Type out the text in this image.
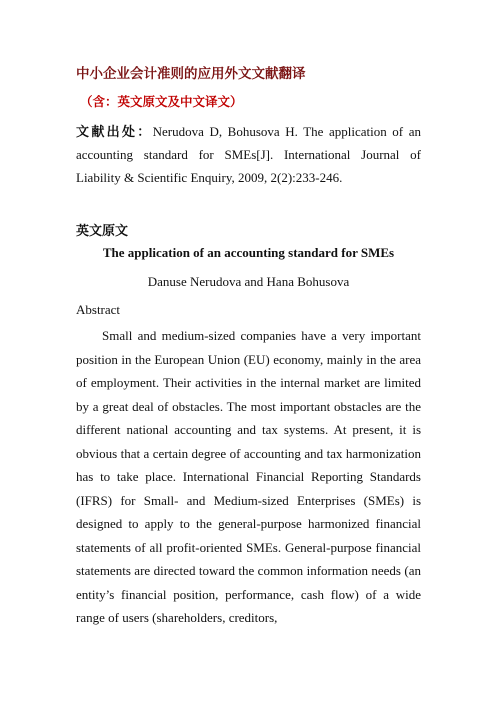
中小企业会计准则的应用外文文献翻译
（含：英文原文及中文译文）
文献出处：Nerudova D, Bohusova H. The application of an accounting standard for SMEs[J]. International Journal of Liability & Scientific Enquiry, 2009, 2(2):233-246.
英文原文
The application of an accounting standard for SMEs
Danuse Nerudova and Hana Bohusova
Abstract

Small and medium-sized companies have a very important position in the European Union (EU) economy, mainly in the area of employment. Their activities in the internal market are limited by a great deal of obstacles. The most important obstacles are the different national accounting and tax systems. At present, it is obvious that a certain degree of accounting and tax harmonization has to take place. International Financial Reporting Standards (IFRS) for Small- and Medium-sized Enterprises (SMEs) is designed to apply to the general-purpose harmonized financial statements of all profit-oriented SMEs. General-purpose financial statements are directed toward the common information needs (an entity’s financial position, performance, cash flow) of a wide range of users (shareholders, creditors,
